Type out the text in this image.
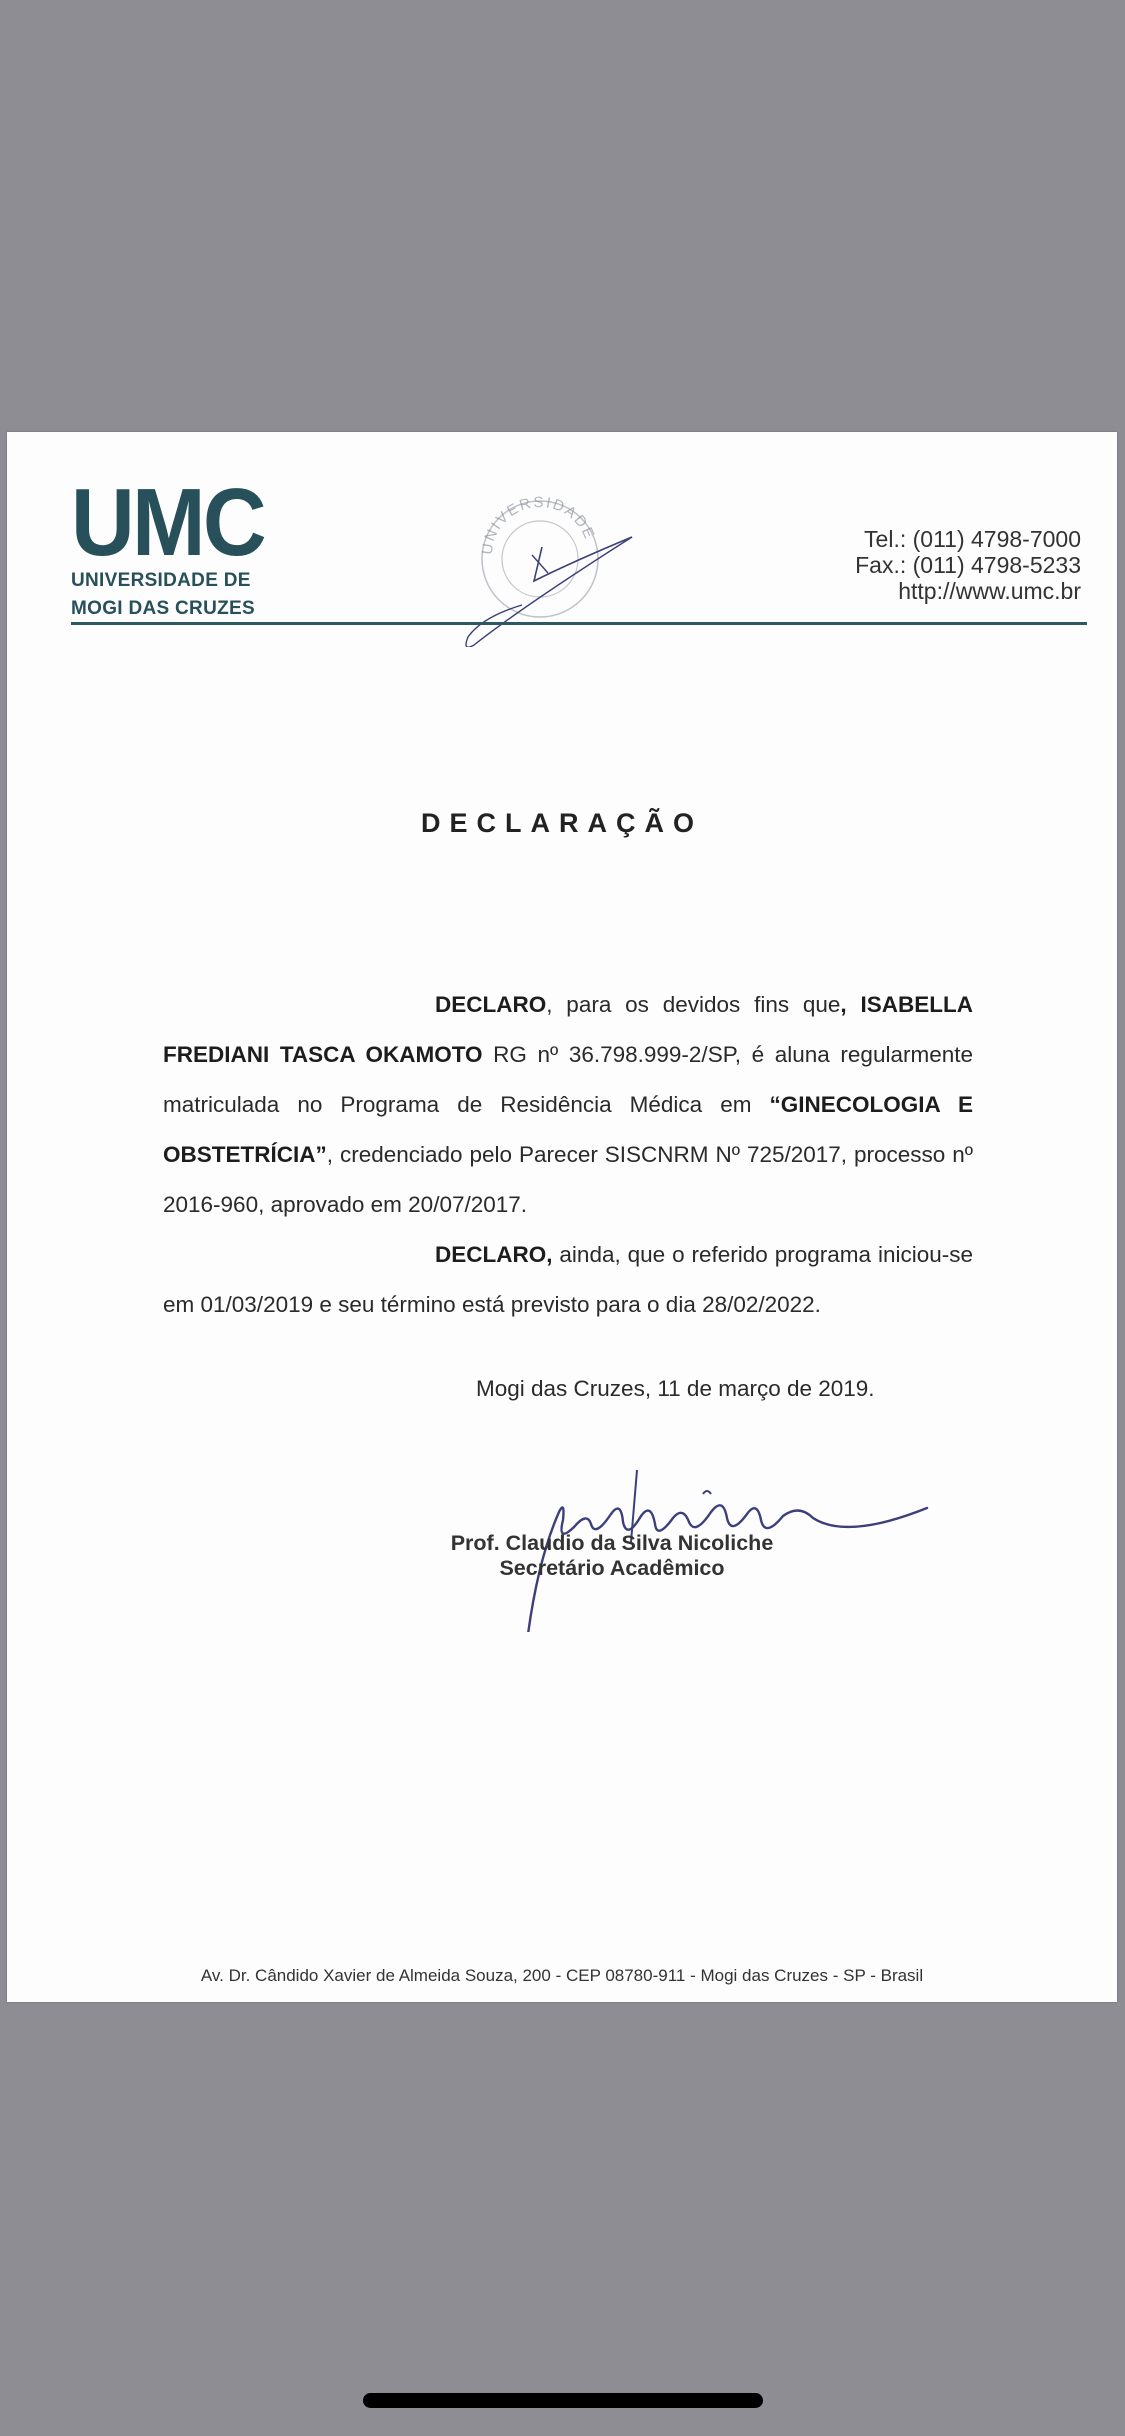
UMC
UNIVERSIDADE DE
MOGI DAS CRUZES
UNIVERSIDADE	Tel.: (011) 4798-7000
Fax.: (011) 4798-5233
http://www.umc.br
DECLARAÇÃO

DECLARO, para os devidos fins que, ISABELLA FREDIANI TASCA OKAMOTO RG nº 36.798.999-2/SP, é aluna regularmente matriculada no Programa de Residência Médica em “GINECOLOGIA E OBSTETRÍCIA”, credenciado pelo Parecer SISCNRM Nº 725/2017, processo nº 2016-960, aprovado em 20/07/2017.

DECLARO, ainda, que o referido programa iniciou-se em 01/03/2019 e seu término está previsto para o dia 28/02/2022.

Mogi das Cruzes, 11 de março de 2019.
Prof. Claudio da Silva Nicoliche
Secretário Acadêmico
Av. Dr. Cândido Xavier de Almeida Souza, 200 - CEP 08780-911 - Mogi das Cruzes - SP - Brasil
